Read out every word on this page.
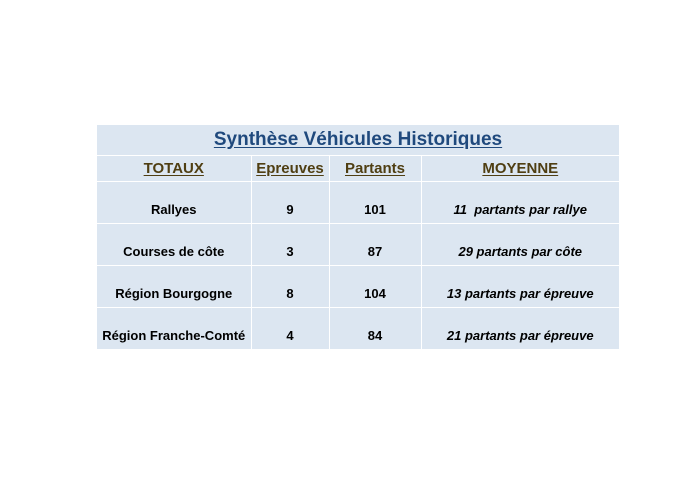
Synthèse Véhicules Historiques
TOTAUX	Epreuves	Partants	MOYENNE
Rallyes	9	101	11  partants par rallye
Courses de côte	3	87	29 partants par côte
Région Bourgogne	8	104	13 partants par épreuve
Région Franche-Comté	4	84	21 partants par épreuve
